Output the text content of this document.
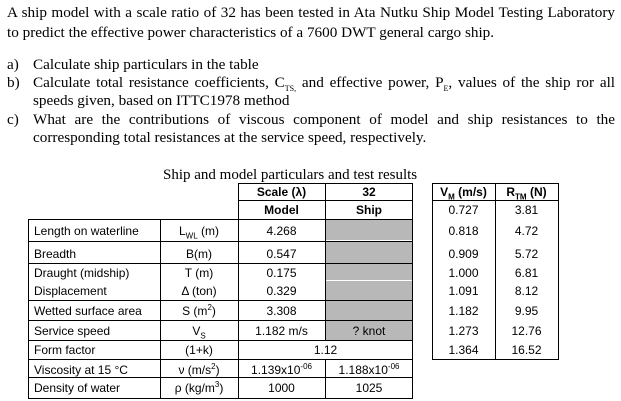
A ship model with a scale ratio of 32 has been tested in Ata Nutku Ship Model Testing Laboratory to predict the effective power characteristics of a 7600 DWT general cargo ship.
a) Calculate ship particulars in the table
b) Calculate total resistance coefficients, $C_{TS,}$ and effective power, $P_E$, values of the ship ror all speeds given, based on ITTC1978 method
c) What are the contributions of viscous component of model and ship resistances to the corresponding total resistances at the service speed, respectively.
Ship and model particulars and test results
Scale (λ)	32
Model	Ship
Length on waterline	$L_{WL}$ (m)	4.268
Breadth	B(m)	0.547
Draught (midship)	T (m)	0.175
Displacement	Δ (ton)	0.329
Wetted surface area	S $(m^2)$	3.308
Service speed	$V_S$	1.182 m/s	? knot
Form factor	(1+k)	1.12
Viscosity at 15 °C	ν $(m/s^2)$	$1.139x10^{-06}$	$1.188x10^{-06}$
Density of water	ρ $(kg/m^3)$	1000	1025
$V_M$ (m/s)	$R_{TM}$ (N)
0.727	3.81
0.818	4.72
0.909	5.72
1.000	6.81
1.091	8.12
1.182	9.95
1.273	12.76
1.364	16.52
